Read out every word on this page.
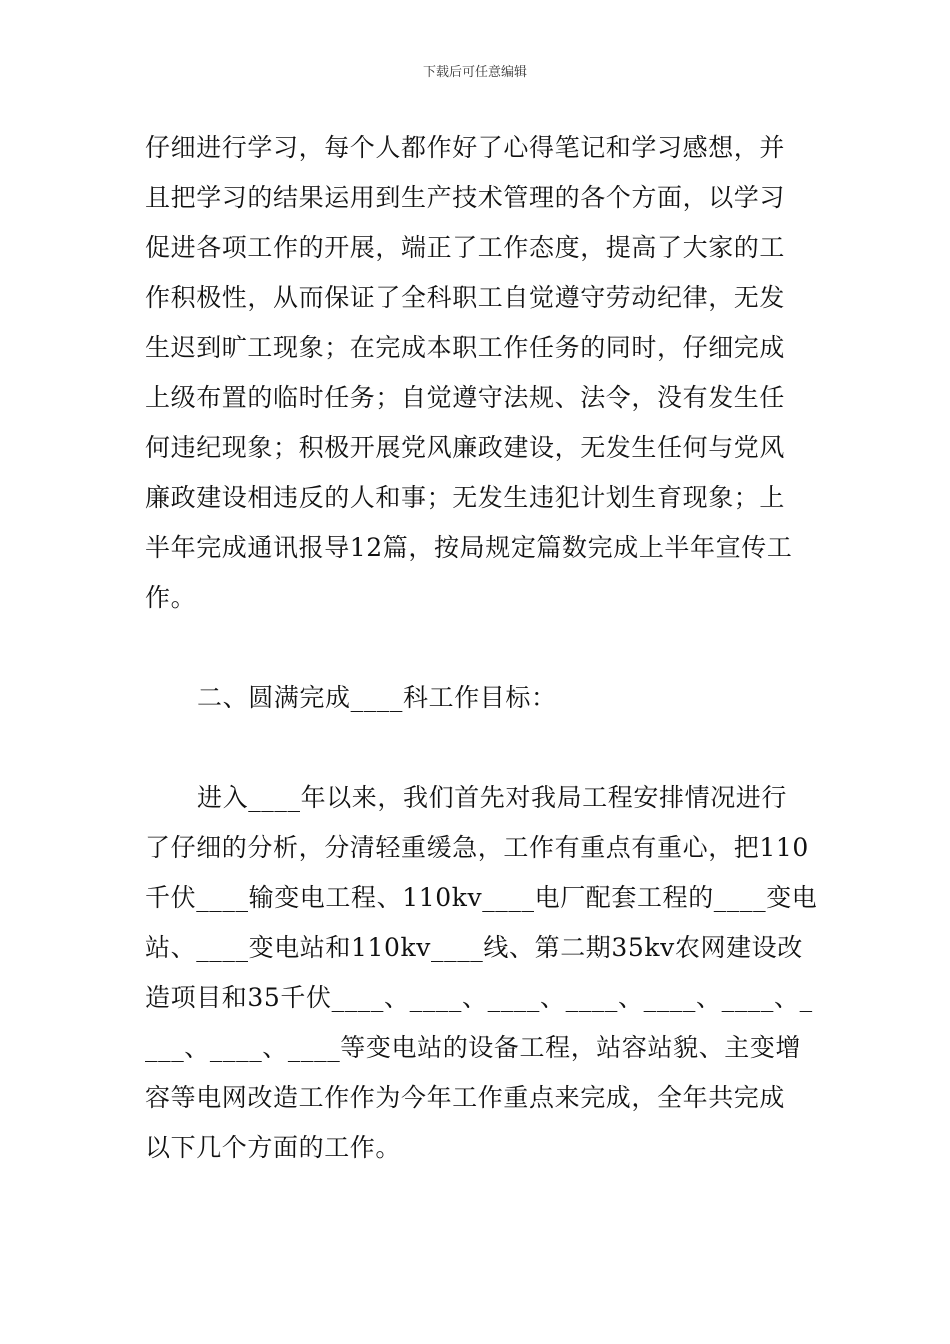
下载后可任意编辑
仔细进行学习，每个人都作好了心得笔记和学习感想，并
且把学习的结果运用到生产技术管理的各个方面，以学习
促进各项工作的开展，端正了工作态度，提高了大家的工
作积极性，从而保证了全科职工自觉遵守劳动纪律，无发
生迟到旷工现象；在完成本职工作任务的同时，仔细完成
上级布置的临时任务；自觉遵守法规、法令，没有发生任
何违纪现象；积极开展党风廉政建设，无发生任何与党风
廉政建设相违反的人和事；无发生违犯计划生育现象；上
半年完成通讯报导12篇，按局规定篇数完成上半年宣传工
作。
二、圆满完成____科工作目标：
进入____年以来，我们首先对我局工程安排情况进行
了仔细的分析，分清轻重缓急，工作有重点有重心，把110
千伏____输变电工程、110kv____电厂配套工程的____变电
站、____变电站和110kv____线、第二期35kv农网建设改
造项目和35千伏____、____、____、____、____、____、_
___、____、____等变电站的设备工程，站容站貌、主变增
容等电网改造工作作为今年工作重点来完成，全年共完成
以下几个方面的工作。
